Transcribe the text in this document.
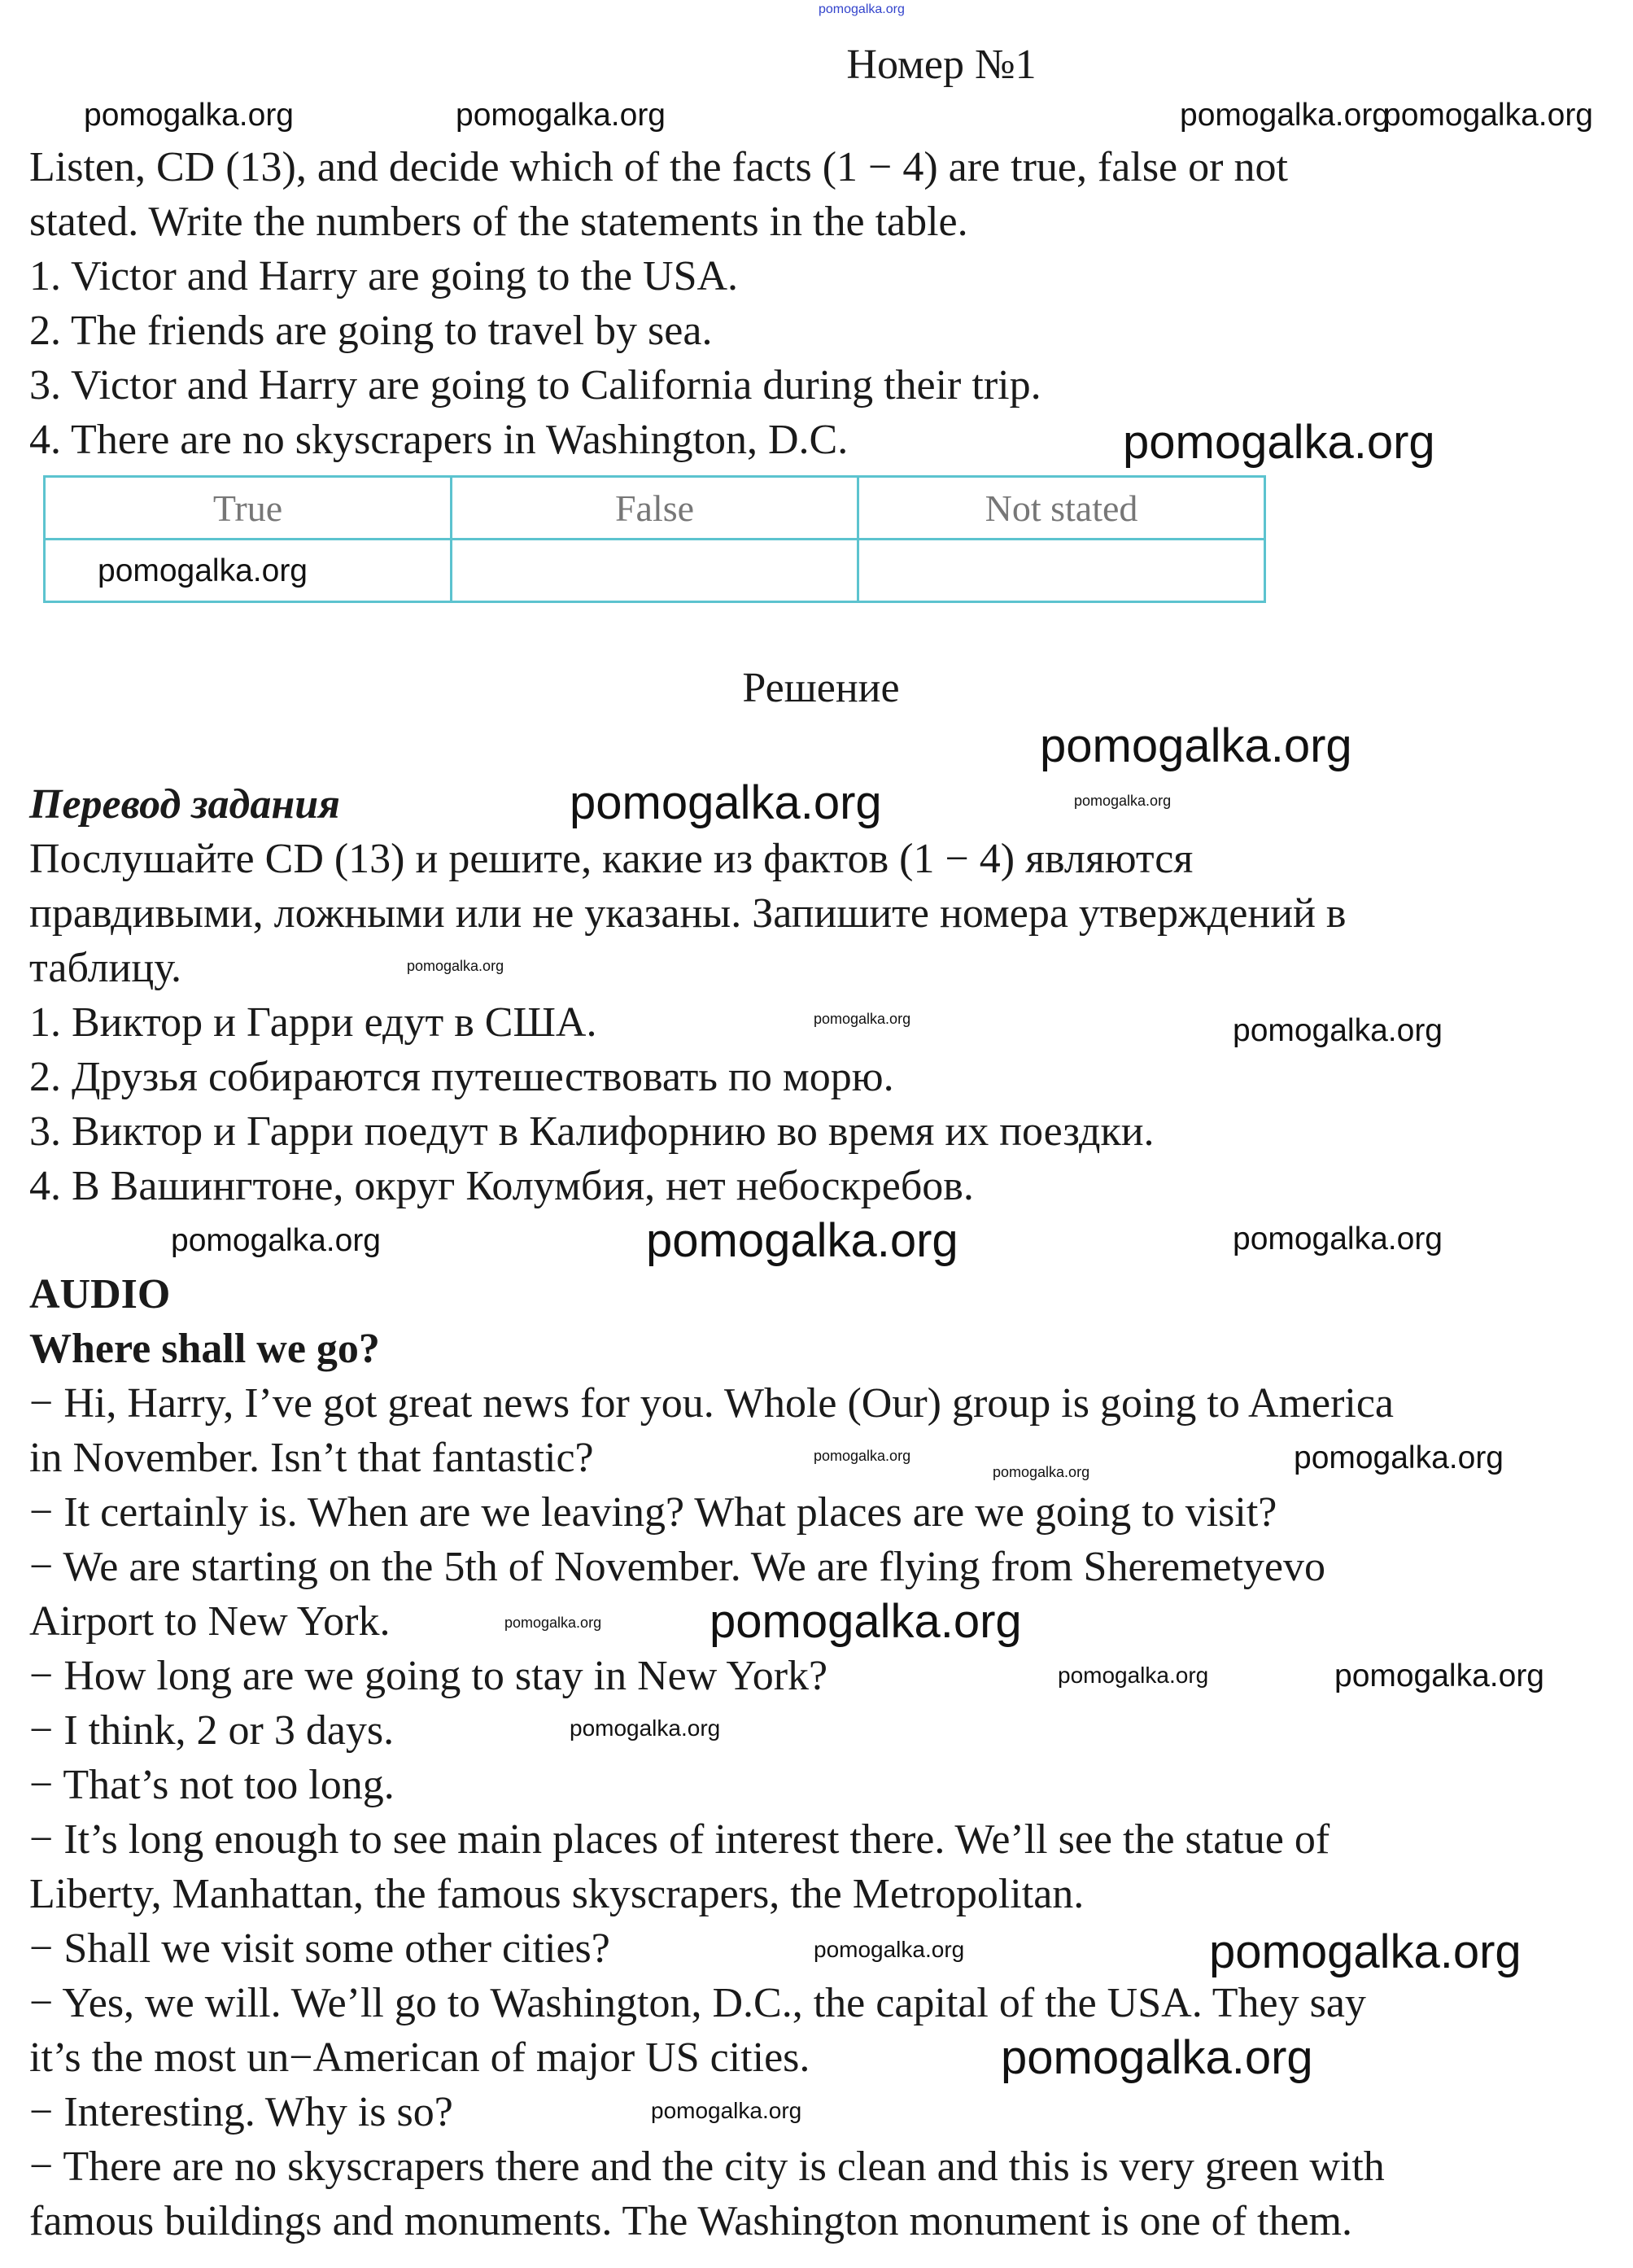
Номер №1
Listen, CD (13), and decide which of the facts (1 − 4) are true, false or not
stated. Write the numbers of the statements in the table.
1. Victor and Harry are going to the USA.
2. The friends are going to travel by sea.
3. Victor and Harry are going to California during their trip.
4. There are no skyscrapers in Washington, D.C.
True	False	Not stated

Решение
Перевод задания
Послушайте CD (13) и решите, какие из фактов (1 − 4) являются
правдивыми, ложными или не указаны. Запишите номера утверждений в
таблицу.
1. Виктор и Гарри едут в США.
2. Друзья собираются путешествовать по морю.
3. Виктор и Гарри поедут в Калифорнию во время их поездки.
4. В Вашингтоне, округ Колумбия, нет небоскребов.
AUDIO
Where shall we go?
− Hi, Harry, I’ve got great news for you. Whole (Our) group is going to America
in November. Isn’t that fantastic?
− It certainly is. When are we leaving? What places are we going to visit?
− We are starting on the 5th of November. We are flying from Sheremetyevo
Airport to New York.
− How long are we going to stay in New York?
− I think, 2 or 3 days.
− That’s not too long.
− It’s long enough to see main places of interest there. We’ll see the statue of
Liberty, Manhattan, the famous skyscrapers, the Metropolitan.
− Shall we visit some other cities?
− Yes, we will. We’ll go to Washington, D.C., the capital of the USA. They say
it’s the most un−American of major US cities.
− Interesting. Why is so?
− There are no skyscrapers there and the city is clean and this is very green with
famous buildings and monuments. The Washington monument is one of them.
pomogalka.org
pomogalka.org	pomogalka.org	pomogalka.org
pomogalka.org
pomogalka.org
pomogalka.org
pomogalka.org
pomogalka.org
pomogalka.org
pomogalka.org
pomogalka.org	pomogalka.org
pomogalka.org
pomogalka.org	pomogalka.org
pomogalka.org
pomogalka.org
pomogalka.org
pomogalka.org
pomogalka.org
pomogalka.org	pomogalka.org
pomogalka.org
pomogalka.org
pomogalka.org
pomogalka.org
pomogalka.org
